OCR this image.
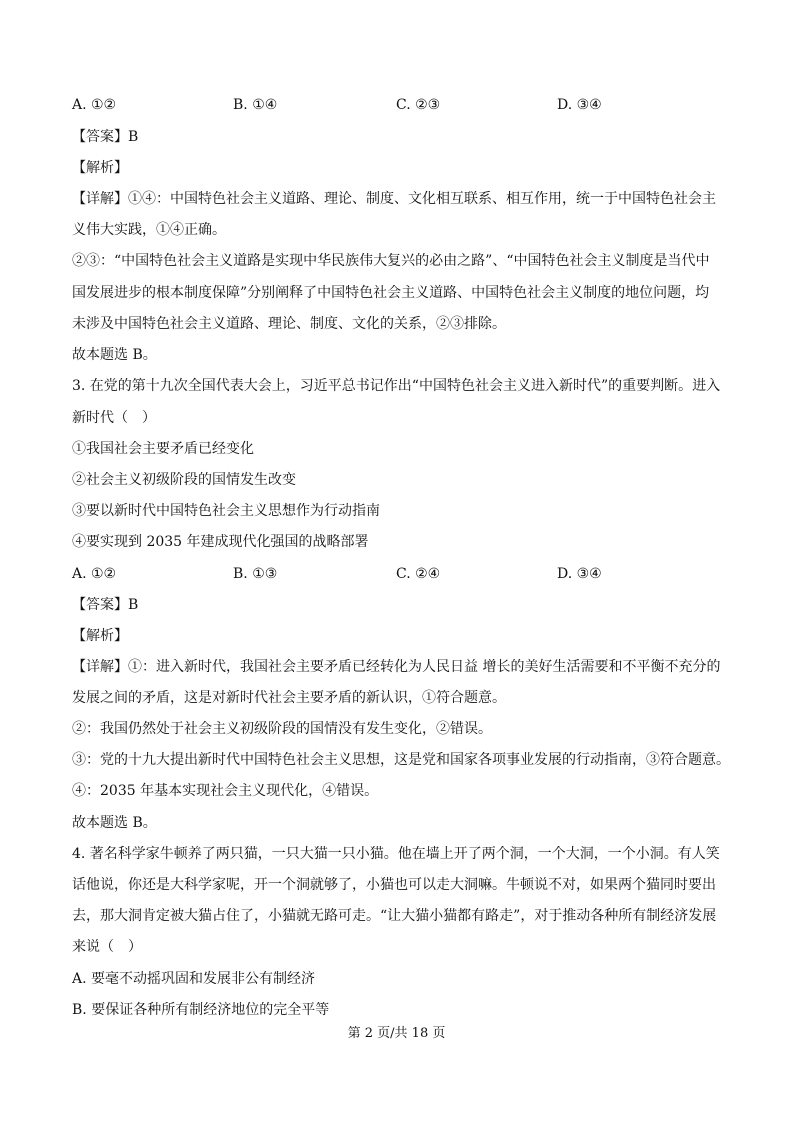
A. ①②	B. ①④	C. ②③	D. ③④
【答案】B
【解析】
【详解】①④：中国特色社会主义道路、理论、制度、文化相互联系、相互作用，统一于中国特色社会主
义伟大实践，①④正确。
②③：“中国特色社会主义道路是实现中华民族伟大复兴的必由之路”、“中国特色社会主义制度是当代中
国发展进步的根本制度保障”分别阐释了中国特色社会主义道路、中国特色社会主义制度的地位问题，均
未涉及中国特色社会主义道路、理论、制度、文化的关系，②③排除。
故本题选 B。
3. 在党的第十九次全国代表大会上，习近平总书记作出“中国特色社会主义进入新时代”的重要判断。进入
新时代（　）
①我国社会主要矛盾已经变化
②社会主义初级阶段的国情发生改变
③要以新时代中国特色社会主义思想作为行动指南
④要实现到 2035 年建成现代化强国的战略部署
A. ①②	B. ①③	C. ②④	D. ③④
【答案】B
【解析】
【详解】①：进入新时代，我国社会主要矛盾已经转化为人民日益 增长的美好生活需要和不平衡不充分的
发展之间的矛盾，这是对新时代社会主要矛盾的新认识，①符合题意。
②：我国仍然处于社会主义初级阶段的国情没有发生变化，②错误。
③：党的十九大提出新时代中国特色社会主义思想，这是党和国家各项事业发展的行动指南，③符合题意。
④：2035 年基本实现社会主义现代化，④错误。
故本题选 B。
4. 著名科学家牛顿养了两只猫，一只大猫一只小猫。他在墙上开了两个洞，一个大洞，一个小洞。有人笑
话他说，你还是大科学家呢，开一个洞就够了，小猫也可以走大洞嘛。牛顿说不对，如果两个猫同时要出
去，那大洞肯定被大猫占住了，小猫就无路可走。“让大猫小猫都有路走”，对于推动各种所有制经济发展
来说（　）
A. 要毫不动摇巩固和发展非公有制经济
B. 要保证各种所有制经济地位的完全平等
第 2 页/共 18 页
